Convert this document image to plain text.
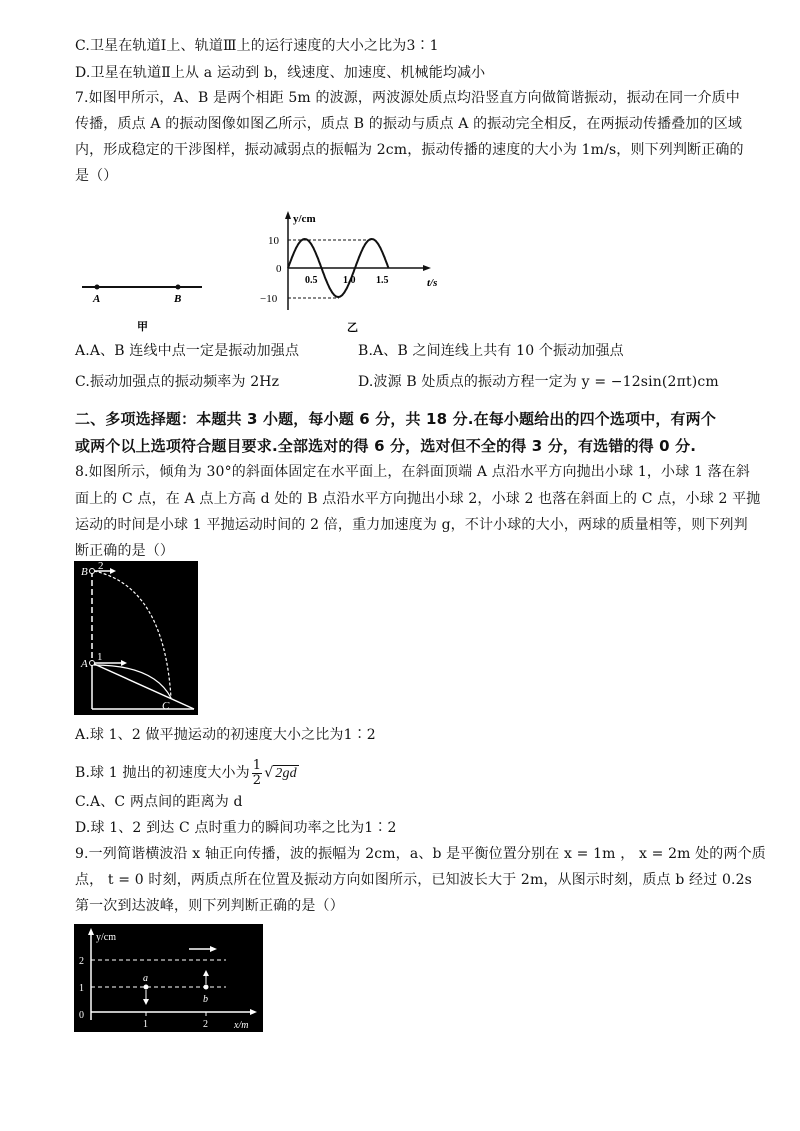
C.卫星在轨道Ⅰ上、轨道Ⅲ上的运行速度的大小之比为3∶1
D.卫星在轨道Ⅱ上从 a 运动到 b，线速度、加速度、机械能均减小
7.如图甲所示，A、B 是两个相距 5m 的波源，两波源处质点均沿竖直方向做简谐振动，振动在同一介质中
传播，质点 A 的振动图像如图乙所示，质点 B 的振动与质点 A 的振动完全相反，在两振动传播叠加的区域
内，形成稳定的干涉图样，振动减弱点的振幅为 2cm，振动传播的速度的大小为 1m/s，则下列判断正确的
是（）
A	B
甲
y/cm
t/s
10
0
−10
0.5	1.0 1.5
乙
A.A、B 连线中点一定是振动加强点	B.A、B 之间连线上共有 10 个振动加强点
C.振动加强点的振动频率为 2Hz	D.波源 B 处质点的振动方程一定为 y = −12sin(2πt)cm
二、多项选择题：本题共 3 小题，每小题 6 分，共 18 分.在每小题给出的四个选项中，有两个
或两个以上选项符合题目要求.全部选对的得 6 分，选对但不全的得 3 分，有选错的得 0 分.
8.如图所示，倾角为 30°的斜面体固定在水平面上，在斜面顶端 A 点沿水平方向抛出小球 1，小球 1 落在斜
面上的 C 点，在 A 点上方高 d 处的 B 点沿水平方向抛出小球 2，小球 2 也落在斜面上的 C 点，小球 2 平抛
运动的时间是小球 1 平抛运动时间的 2 倍，重力加速度为 g，不计小球的大小，两球的质量相等，则下列判
断正确的是（）
B 2
A
1
C
A.球 1、2 做平抛运动的初速度大小之比为1∶2
B.球 1 抛出的初速度大小为 $\frac{1}{2}$ √ 2gd
C.A、C 两点间的距离为 d
D.球 1、2 到达 C 点时重力的瞬间功率之比为1∶2
9.一列简谐横波沿 x 轴正向传播，波的振幅为 2cm，a、b 是平衡位置分别在 x = 1m ， x = 2m 处的两个质
点， t = 0 时刻，两质点所在位置及振动方向如图所示，已知波长大于 2m，从图示时刻，质点 b 经过 0.2s
第一次到达波峰，则下列判断正确的是（）
y/cm
2
1
0
1	2	x/m
a
b
